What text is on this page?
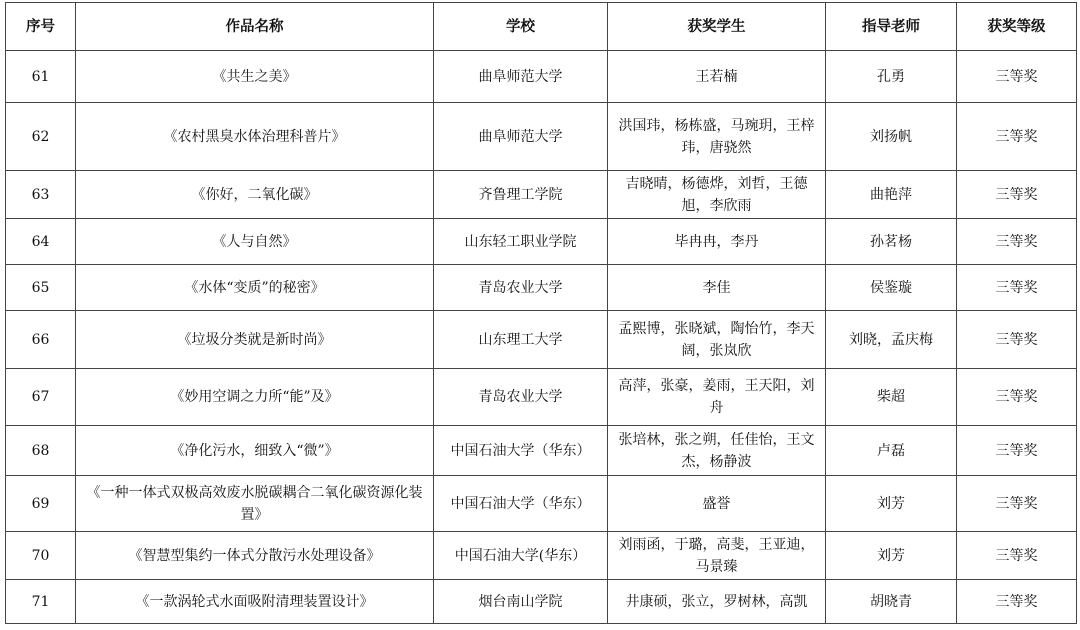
序号	作品名称	学校	获奖学生	指导老师	获奖等级
61	《共生之美》	曲阜师范大学	王若楠	孔勇	三等奖
62	《农村黑臭水体治理科普片》	曲阜师范大学	洪国玮，杨栋盛，马琬玥，王梓玮，唐骁然	刘扬帆	三等奖
63	《你好，二氧化碳》	齐鲁理工学院	吉晓晴，杨德烨，刘哲，王德旭，李欣雨	曲艳萍	三等奖
64	《人与自然》	山东轻工职业学院	毕冉冉，李丹	孙茗杨	三等奖
65	《水体“变质”的秘密》	青岛农业大学	李佳	侯鉴璇	三等奖
66	《垃圾分类就是新时尚》	山东理工大学	孟熙博，张晓斌，陶怡竹，李天阔，张岚欣	刘晓，孟庆梅	三等奖
67	《妙用空调之力所“能”及》	青岛农业大学	高萍，张豪，姜雨，王天阳，刘舟	柴超	三等奖
68	《净化污水，细致入“微”》	中国石油大学（华东）	张培林，张之朔，任佳怡，王文杰，杨静波	卢磊	三等奖
69	《一种一体式双极高效废水脱碳耦合二氧化碳资源化装置》	中国石油大学（华东）	盛誉	刘芳	三等奖
70	《智慧型集约一体式分散污水处理设备》	中国石油大学(华东）	刘雨函，于璐，高斐，王亚迪，马景臻	刘芳	三等奖
71	《一款涡轮式水面吸附清理装置设计》	烟台南山学院	井康硕，张立，罗树林，高凯	胡晓青	三等奖
